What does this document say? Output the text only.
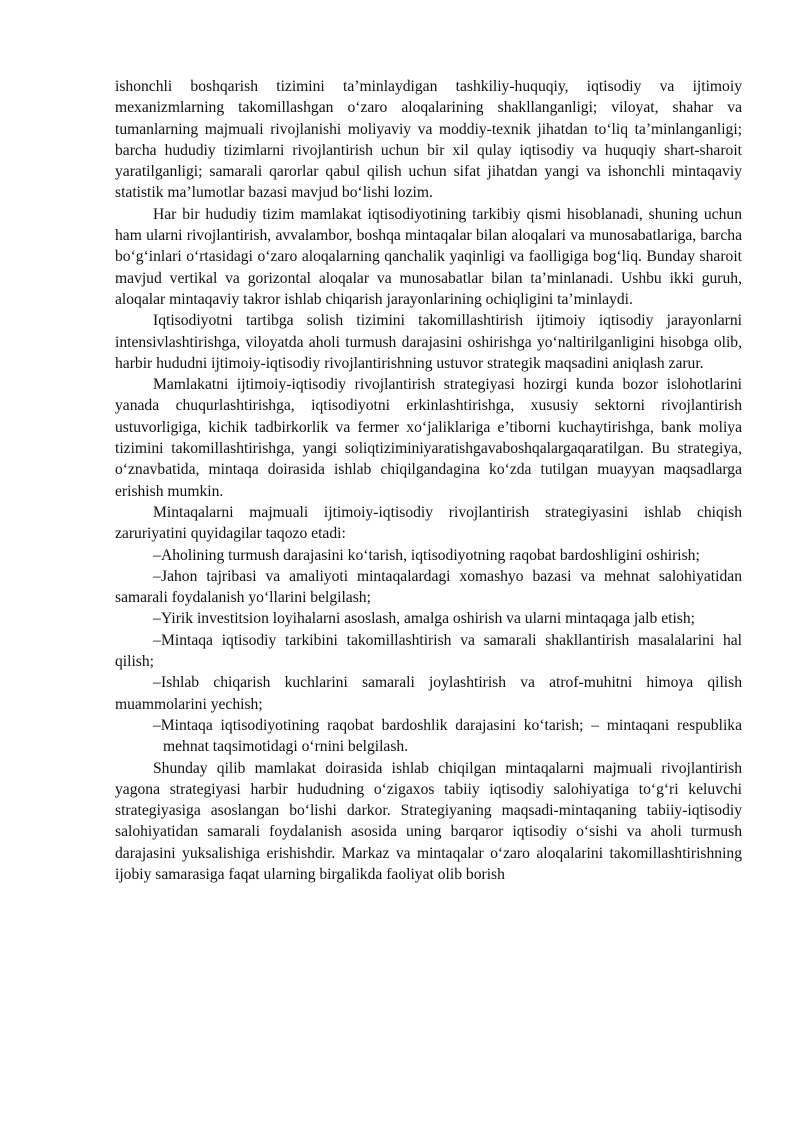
ishonchli boshqarish tizimini ta’minlaydigan tashkiliy-huquqiy, iqtisodiy va ijtimoiy mexanizmlarning takomillashgan o‘zaro aloqalarining shakllanganligi; viloyat, shahar va tumanlarning majmuali rivojlanishi moliyaviy va moddiy-texnik jihatdan to‘liq ta’minlanganligi; barcha hududiy tizimlarni rivojlantirish uchun bir xil qulay iqtisodiy va huquqiy shart-sharoit yaratilganligi; samarali qarorlar qabul qilish uchun sifat jihatdan yangi va ishonchli mintaqaviy statistik ma’lumotlar bazasi mavjud bo‘lishi lozim.

Har bir hududiy tizim mamlakat iqtisodiyotining tarkibiy qismi hisoblanadi, shuning uchun ham ularni rivojlantirish, avvalambor, boshqa mintaqalar bilan aloqalari va munosabatlariga, barcha bo‘g‘inlari o‘rtasidagi o‘zaro aloqalarning qanchalik yaqinligi va faolligiga bog‘liq. Bunday sharoit mavjud vertikal va gorizontal aloqalar va munosabatlar bilan ta’minlanadi. Ushbu ikki guruh, aloqalar mintaqaviy takror ishlab chiqarish jarayonlarining ochiqligini ta’minlaydi.

Iqtisodiyotni tartibga solish tizimini takomillashtirish ijtimoiy iqtisodiy jarayonlarni intensivlashtirishga, viloyatda aholi turmush darajasini oshirishga yo‘naltirilganligini hisobga olib, harbir hududni ijtimoiy-iqtisodiy rivojlantirishning ustuvor strategik maqsadini aniqlash zarur.

Mamlakatni ijtimoiy-iqtisodiy rivojlantirish strategiyasi hozirgi kunda bozor islohotlarini yanada chuqurlashtirishga, iqtisodiyotni erkinlashtirishga, xususiy sektorni rivojlantirish ustuvorligiga, kichik tadbirkorlik va fermer xo‘jaliklariga e’tiborni kuchaytirishga, bank moliya tizimini takomillashtirishga, yangi soliqtiziminiyaratishgavaboshqalargaqaratilgan. Bu strategiya, o‘znavbatida, mintaqa doirasida ishlab chiqilgandagina ko‘zda tutilgan muayyan maqsadlarga erishish mumkin.

Mintaqalarni majmuali ijtimoiy-iqtisodiy rivojlantirish strategiyasini ishlab chiqish zaruriyatini quyidagilar taqozo etadi:

–Aholining turmush darajasini ko‘tarish, iqtisodiyotning raqobat bardoshligini oshirish;

–Jahon tajribasi va amaliyoti mintaqalardagi xomashyo bazasi va mehnat salohiyatidan samarali foydalanish yo‘llarini belgilash;

–Yirik investitsion loyihalarni asoslash, amalga oshirish va ularni mintaqaga jalb etish;

–Mintaqa iqtisodiy tarkibini takomillashtirish va samarali shakllantirish masalalarini hal qilish;

–Ishlab chiqarish kuchlarini samarali joylashtirish va atrof-muhitni himoya qilish muammolarini yechish;

–Mintaqa iqtisodiyotining raqobat bardoshlik darajasini ko‘tarish; – mintaqani respublika mehnat taqsimotidagi o‘rnini belgilash.

Shunday qilib mamlakat doirasida ishlab chiqilgan mintaqalarni majmuali rivojlantirish yagona strategiyasi harbir hududning o‘zigaxos tabiiy iqtisodiy salohiyatiga to‘g‘ri keluvchi strategiyasiga asoslangan bo‘lishi darkor. Strategiyaning maqsadi-mintaqaning tabiiy-iqtisodiy salohiyatidan samarali foydalanish asosida uning barqaror iqtisodiy o‘sishi va aholi turmush darajasini yuksalishiga erishishdir. Markaz va mintaqalar o‘zaro aloqalarini takomillashtirishning ijobiy samarasiga faqat ularning birgalikda faoliyat olib borish
